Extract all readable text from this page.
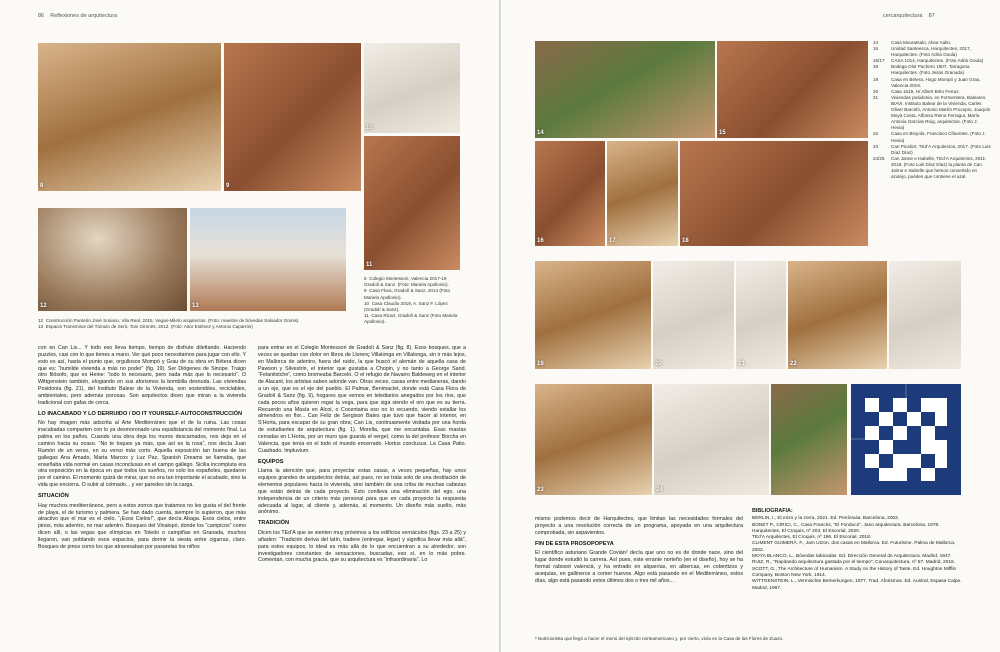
86 Reflexiones de arquitectura
8	9
10
11
12	13
12 Construcción Panteón José Soriano, Vila Real, 2015, Vegas-Mileto arquitectos. (Foto: maestre de bóvedas Salvador Gomis)
13 Espacio Transmisor del Túmulo de Serò, Toni Gironès, 2012. (Foto: Aitor Estévez y Antonio Caparrós)
8 Colegio Montessori, Valencia 2017-19 Gradolí & Sanz. (Foto: Mariela Apollonio).
9 Casa Flora, Gradolí & Sanz, 2014 (Foto Mariela Apollonio).
10 Casa Claudio 2019, A. Sanz F. López (Gradolí & Sanz).
11 Casa Ricart, Gradolí & Sanz (Foto Mariela Apollonio).

con en Can Lis... Y todo eso lleva tiempo, tiempo de disfrute dilettando. Haciendo puzzles, casi con lo que tienes a mano. Ver qué poco necesitamos para jugar con ello. Y esto es así, hasta el punto que, orgullosos Mompó y Grau de su obra en Bétera dicen que es: “humilde vivienda a más no poder” (fig. 19). Ser Diógenes de Sinope. Traigo otro filósofo, que es Heine: “todo lo necesario, pero nada más que lo necesario”. O Wittgenstein también, elogiando en sus aforismos la bombilla desnuda. Las viviendas Posidonia (fig. 21), del Instituto Balear de la Vivienda, son sostenibles, reciclables, ambientales, pero además porosas. Son arquitectos dicen que miran a la vivienda tradicional con gafas de cerca.

LO INACABADO Y LO DERRUIDO / DO IT YOURSELF-AUTOCONSTRUCCIÓN

No hay imagen más adscrita al Arte Mediterráneo que el de la ruina. Las cosas inacabadas comparten con lo ya desmoronado una equidistancia del momento final. La pátina en los paños. Cuando una obra deja los muros descarnados, nos deja en el camino hacia su ocaso. “No te toques ya más, que así es la rosa”, nos decía Juan Ramón de un verso, en su verso más corto. Aquella exposición tan buena de las gallegas Ana Amado, Marta Marcos y Luz Paz, Spanish Dreams se llamaba, que enseñaba vida normal en casas inconclusas en el campo gallego. Sicilia incompiuta era otra exposición en la época en que todos los sueños, no solo los españoles, quedaron por el camino. El momento quizá de mirar, que no era tan importante el acabado, sino la vida que encierra. O subir al colmado... y ver paredes sin la carga.

SITUACIÓN

Hay muchos mediterráneos, pero a estos zorros que tratamos no les gusta el del frente de playa, el de turismo y palmera. Se han dado cuenta, siempre lo supieron, que más atractivo que el mar es el cielo. “¡Esos Cielos!”, que decía Abaga. Esos cielos, entre pinos, más adentro, no mar adentro. Bosques del Vinalopó, donde los “campicos” como dicen allí, o las vegas que olímpicas en Toledo o campiñas en Granada, muchos llegaron, van poblando esos espacios, para dormir la siesta entre cigarras, claro. Bosques de pinos como los que atravesaban por pasarelas los niños

para entrar en el Colegio Montessori de Gradolí & Sanz (fig. 8). Esos bosques, que a veces se quedan con dolor en libros de Llorenç Villalonga en Villalonga, sin ir más lejos, en Mallorca de adentro, fuera del ruido, la que buscó el alemán de aquella casa de Pawson y Silvestrin, el interior que gustaba a Chopin, y no tanto a George Sand. “Felanitxtche”, como bromeaba Barceló. O el refugio de Navarro Baldeweg en el interior de Alacant, los artistas saben adonde van. Otras veces, casas entre medianeras, dando a un eje, que es el eje del pueblo. El Palmar, Benimaclet, donde está Casa Flora de Gradolí & Sanz (fig. 9), hogares que vemos en telediarios anegados por los ríos, que cada pocos años quieren regar la vega, para que siga siendo el oro que es su tierra. Recuerdo una Masía en Alcoi, o Cocentaina eso no lo recuerdo, viendo estallar los almendros en flor... Can Feliz de Sergison Bates que tuvo que hacer al interior, en S’Horta, para escapar de su gran obra; Can Lis, continuamente visitada por una horda de estudiantes de arquitectura (fig. 1). Morella, que me encantaba. Esas masías cerradas en L’Horta, por un muro que guarda el vergel, como la del profesor Borcha en Valencia, que tenía en el todo el mundo encerrado. Hortus conclusus. La Casa Patio. Cuadrado. Impluvium.

EQUIPOS

Llama la atención que, para proyectar estas casas, a veces pequeñas, hay unos equipos grandes de arquitectos detrás, así pues, no se trata solo de una destilación de elementos populares hacia lo vivienda, sino también de una criba de muchas cabezas que están detrás de cada proyecto. Esto conlleva una eliminación del ego, una independencia de un criterio más personal para que en cada proyecto la respuesta adecuada al lugar, al cliente y, además, al momento. Un diseño más suelto, más anónimo.

TRADICIÓN

Dicen los TEd’A que se sienten muy próximos a los edificios vernáculos (figs. 23 a 25) y añaden: “Tradición deriva del latín, tradere (entregar, legar) y significa llevar más allá”, para estos equipos, lo ideal es más allá de lo que encuentran a su alrededor, son investigadores constantes de sensaciones, buscadas, eso sí, en lo más pobre. Comentan, con mucha gracia, que su arquitectura es “infraordinaria”. Lo

cercarquitectura 87
14	15
16	17	18
19	20	21	22
23	24	25
14	Casa Muuratsalo, Alvar Aalto.
15	Unidad Santeesca, Harquitectes, 2017, Harquitectes. (Foto Adrià Goula)
16/17	CASA 1014, Harquitectes. (Foto Adrià Goula)
18	Bodega Olot Pachero 1507, Tarragona Harquitectes. (Foto Jesús Granada)
19	Casa en Bétera, Hugo Mompó y Juan Grau, Valencia 2019.
20	Casa 1619, H/ Albert Brito Ferraz.
21	Viviendas posidonia, en Formentera, Baleares. IBAVI. Instituto Balear de la Vivienda, Carles Oliver Barceló, Antonio Martín Procopio, Joaquín Moyà Costa, Alfonso Reina Ferragut, María Antonia Garcías Roig, arquitectos. (Foto J. Hevia)
22	Casa en Binyola, Francisco Cifuentes. (Foto J. Hevia)
23	Can Picafort, TEd’A Arquitectos, 2017. (Foto Luis Díaz Díaz)
24/25	Can Jaime e Isabelle, TEd’A Arquitectos, 2011-2018. (Foto Luis Díaz Díaz) la planta de Can Jaime e Isabelle que hemos convertido en azulejo, puédes que contiene el azul.

mismo podemos decir de Harquitectes, que limitan las necesidades formales del proyecto a una resolución correcta de un programa, apoyada en una arquitectura comprobada, sin aspavientos.

FIN DE ESTA PROSOPOPEYA

El científico asturiano Grande Covián² decía que uno no es de donde nace, sino del lugar donde estudió la carrera. Así pues, este errante norteño (en el diseño), hoy se ha format rabosot valencià, y ha entrado en alquerías, en albercas, en cobertizos y acequias, en gallineros a comer huevos. Algo está pasando en el Mediterráneo, estos días, algo está pasando estos últimos dos o tres mil años...

BIBLIOGRAFÍA:
BERLIN, I., El erizo y la zorra, 2021. Ed. Península. Barcelona, 2002.
BONET P., CIRICI, C., Casa Francès, “El Fonducó”, Jano arquitectura. Barcelona, 1978.
Harquitectes, El Croquis, nº 203. El Escorial, 2020.
TEd’A Arquitectes, El Croquis, nº 196. El Escorial, 2018.
CLIMENT GUIMERÀ, F., Jam Utzon, dos casas en Mallorca. Ed. Futurisme. Palma de Mallorca, 2002.
MOYA BLANCO, L., Bóvedas tabicadas. Ed. Dirección General de Arquitectura. Madrid, 1947.
RUIZ, R., “Rapitando arquitectura gastada por el tiempo”, Conarquitectura, nº 57. Madrid, 2016.
SCOTT, G., The Architecture of Humanism. A Study on the History of Taste. Ed. Houghton Mifflin Company. Boston New York, 1914.
WITTGENSTEIN, L., Vermischte Bemerkungen, 1977. Trad. Aforismos. Ed. Austral, Espasa Calpe. Madrid, 1997.
² Nutricionista que llegó a hacer el menú del ejército norteamericano y, por cierto, vivía en la Casa de las Flores de Zuazo.
